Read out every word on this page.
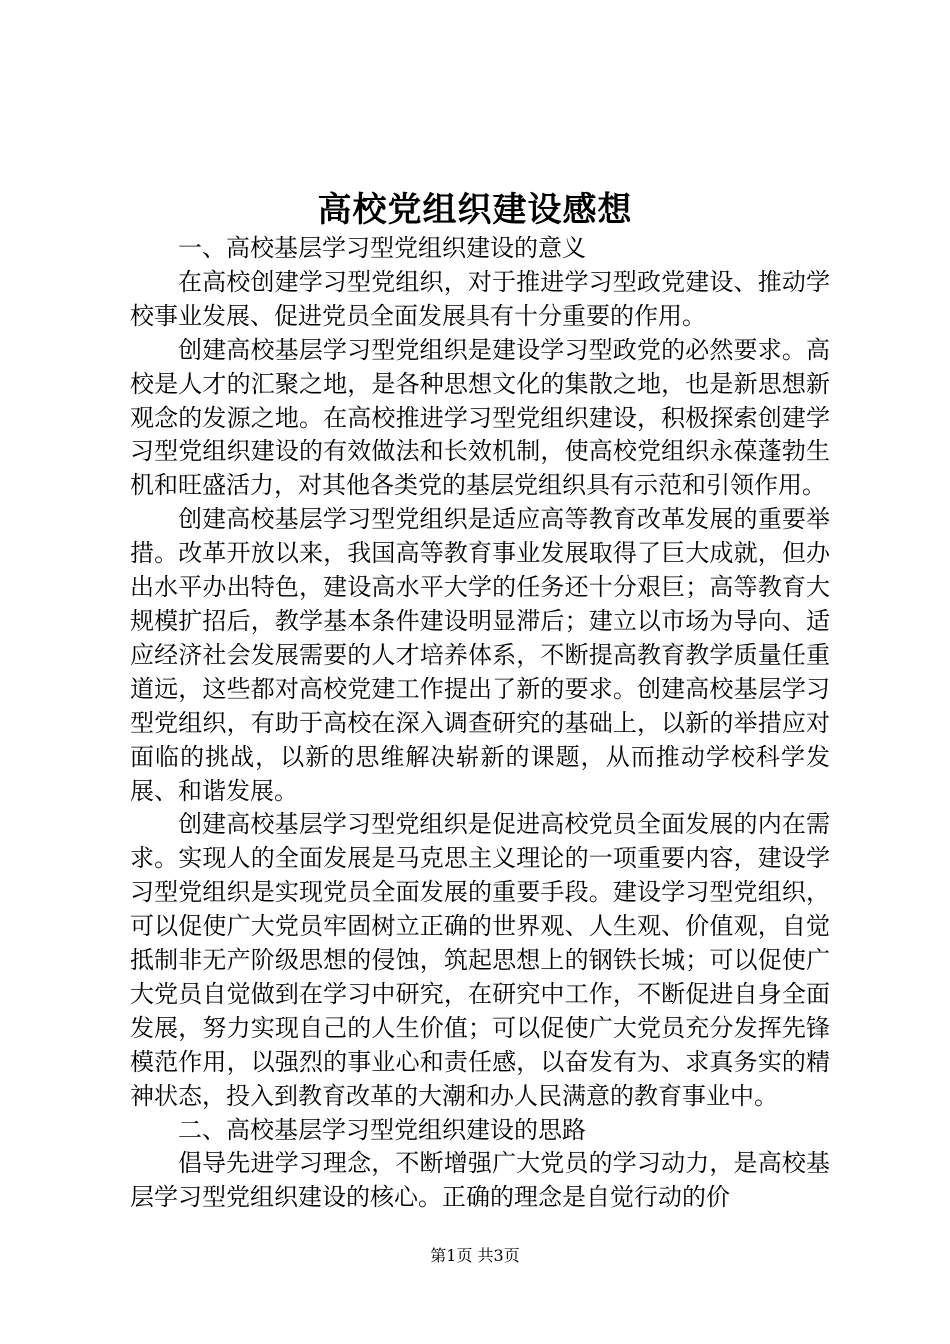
高校党组织建设感想

一、高校基层学习型党组织建设的意义

在高校创建学习型党组织，对于推进学习型政党建设、推动学校事业发展、促进党员全面发展具有十分重要的作用。

创建高校基层学习型党组织是建设学习型政党的必然要求。高校是人才的汇聚之地，是各种思想文化的集散之地，也是新思想新观念的发源之地。在高校推进学习型党组织建设，积极探索创建学习型党组织建设的有效做法和长效机制，使高校党组织永葆蓬勃生机和旺盛活力，对其他各类党的基层党组织具有示范和引领作用。

创建高校基层学习型党组织是适应高等教育改革发展的重要举措。改革开放以来，我国高等教育事业发展取得了巨大成就，但办出水平办出特色，建设高水平大学的任务还十分艰巨；高等教育大规模扩招后，教学基本条件建设明显滞后；建立以市场为导向、适应经济社会发展需要的人才培养体系，不断提高教育教学质量任重道远，这些都对高校党建工作提出了新的要求。创建高校基层学习型党组织，有助于高校在深入调查研究的基础上，以新的举措应对面临的挑战，以新的思维解决崭新的课题，从而推动学校科学发展、和谐发展。

创建高校基层学习型党组织是促进高校党员全面发展的内在需求。实现人的全面发展是马克思主义理论的一项重要内容，建设学习型党组织是实现党员全面发展的重要手段。建设学习型党组织，可以促使广大党员牢固树立正确的世界观、人生观、价值观，自觉抵制非无产阶级思想的侵蚀，筑起思想上的钢铁长城；可以促使广大党员自觉做到在学习中研究，在研究中工作，不断促进自身全面发展，努力实现自己的人生价值；可以促使广大党员充分发挥先锋模范作用，以强烈的事业心和责任感，以奋发有为、求真务实的精神状态，投入到教育改革的大潮和办人民满意的教育事业中。

二、高校基层学习型党组织建设的思路

倡导先进学习理念，不断增强广大党员的学习动力，是高校基层学习型党组织建设的核心。正确的理念是自觉行动的价

第1页 共3页
